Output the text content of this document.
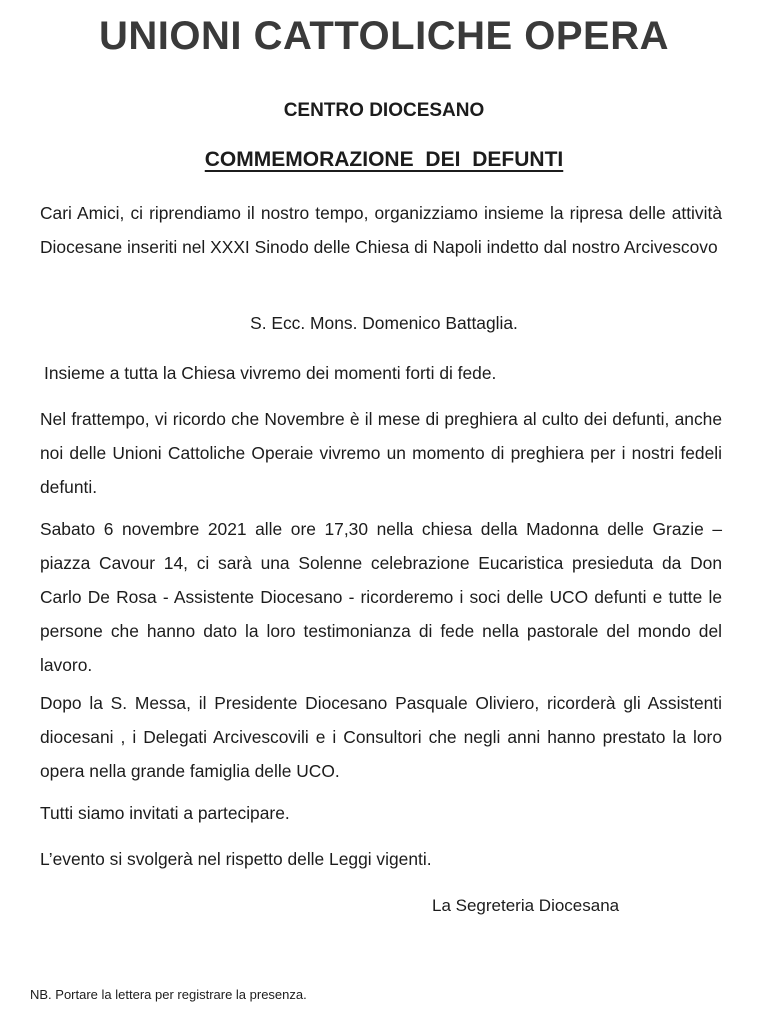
UNIONI CATTOLICHE OPERA
CENTRO DIOCESANO
COMMEMORAZIONE DEI DEFUNTI

Cari Amici, ci riprendiamo il nostro tempo, organizziamo insieme la ripresa delle attività Diocesane inseriti nel XXXI Sinodo delle Chiesa di Napoli indetto dal nostro Arcivescovo

S. Ecc. Mons. Domenico Battaglia.

Insieme a tutta la Chiesa vivremo dei momenti forti di fede.

Nel frattempo, vi ricordo che Novembre è il mese di preghiera al culto dei defunti, anche noi delle Unioni Cattoliche Operaie vivremo un momento di preghiera per i nostri fedeli defunti.

Sabato 6 novembre 2021 alle ore 17,30 nella chiesa della Madonna delle Grazie – piazza Cavour 14, ci sarà una Solenne celebrazione Eucaristica presieduta da Don Carlo De Rosa - Assistente Diocesano - ricorderemo i soci delle UCO defunti e tutte le persone che hanno dato la loro testimonianza di fede nella pastorale del mondo del lavoro.

Dopo la S. Messa, il Presidente Diocesano Pasquale Oliviero, ricorderà gli Assistenti diocesani , i Delegati Arcivescovili e i Consultori che negli anni hanno prestato la loro opera nella grande famiglia delle UCO.

Tutti siamo invitati a partecipare.

L’evento si svolgerà nel rispetto delle Leggi vigenti.

La Segreteria Diocesana

NB. Portare la lettera per registrare la presenza.
